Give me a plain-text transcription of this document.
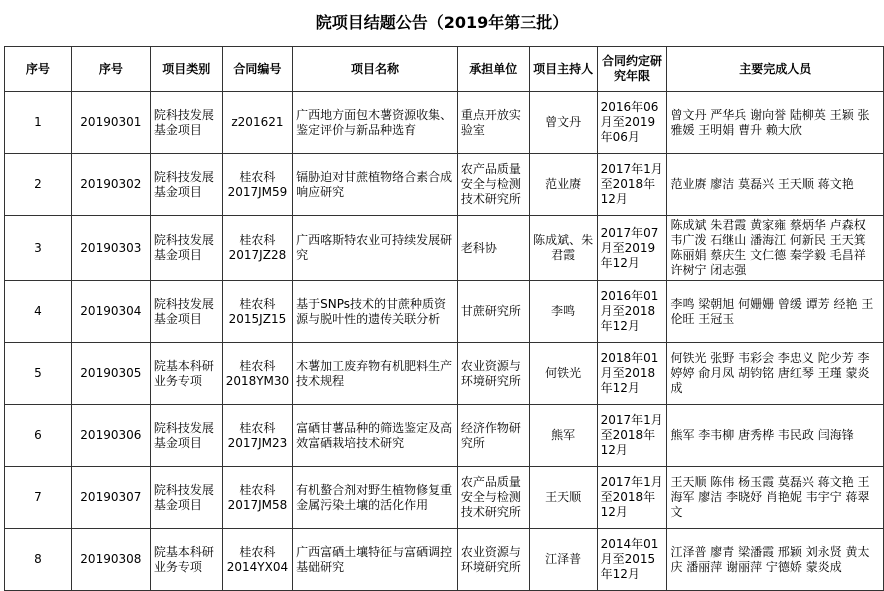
院项目结题公告（2019年第三批）
序号	序号	项目类别	合同编号	项目名称	承担单位	项目主持人	合同约定研究年限	主要完成人员
1	20190301	院科技发展基金项目	z201621	广西地方面包木薯资源收集、鉴定评价与新品种选育	重点开放实验室	曾文丹	2016年06月至2019年06月	曾文丹 严华兵 谢向誉 陆柳英 王颖 张雅媛 王明娟 曹升 赖大欣
2	20190302	院科技发展基金项目	桂农科2017JM59	镉胁迫对甘蔗植物络合素合成响应研究	农产品质量安全与检测技术研究所	范业赓	2017年1月至2018年12月	范业赓 廖洁 莫磊兴 王天顺 蒋文艳
3	20190303	院科技发展基金项目	桂农科2017JZ28	广西喀斯特农业可持续发展研究	老科协	陈成斌、朱君霞	2017年07月至2019年12月	陈成斌 朱君霞 黄家雍 蔡炳华 卢森权 韦广泼 石继山 潘海江 何新民 王天箕 陈丽娟 蔡庆生 文仁德 秦学毅 毛昌祥 许树宁 闭志强
4	20190304	院科技发展基金项目	桂农科2015JZ15	基于SNPs技术的甘蔗种质资源与脱叶性的遗传关联分析	甘蔗研究所	李鸣	2016年01月至2018年12月	李鸣 梁朝旭 何姗姗 曾缓 谭芳 经艳 王伦旺 王冠玉
5	20190305	院基本科研业务专项	桂农科2018YM30	木薯加工废弃物有机肥料生产技术规程	农业资源与环境研究所	何铁光	2018年01月至2018年12月	何铁光 张野 韦彩会 李忠义 陀少芳 李婷婷 俞月凤 胡钧铭 唐红琴 王瑾 蒙炎成
6	20190306	院科技发展基金项目	桂农科2017JM23	富硒甘薯品种的筛选鉴定及高效富硒栽培技术研究	经济作物研究所	熊军	2017年1月至2018年12月	熊军 李韦柳 唐秀桦 韦民政 闫海锋
7	20190307	院科技发展基金项目	桂农科2017JM58	有机螯合剂对野生植物修复重金属污染土壤的活化作用	农产品质量安全与检测技术研究所	王天顺	2017年1月至2018年12月	王天顺 陈伟 杨玉霞 莫磊兴 蒋文艳 王海军 廖洁 李晓妤 肖艳妮 韦宇宁 蒋翠文
8	20190308	院基本科研业务专项	桂农科2014YX04	广西富硒土壤特征与富硒调控基础研究	农业资源与环境研究所	江泽普	2014年01月至2015年12月	江泽普 廖青 梁潘霞 邢颖 刘永贤 黄太庆 潘丽萍 谢丽萍 宁德娇 蒙炎成
